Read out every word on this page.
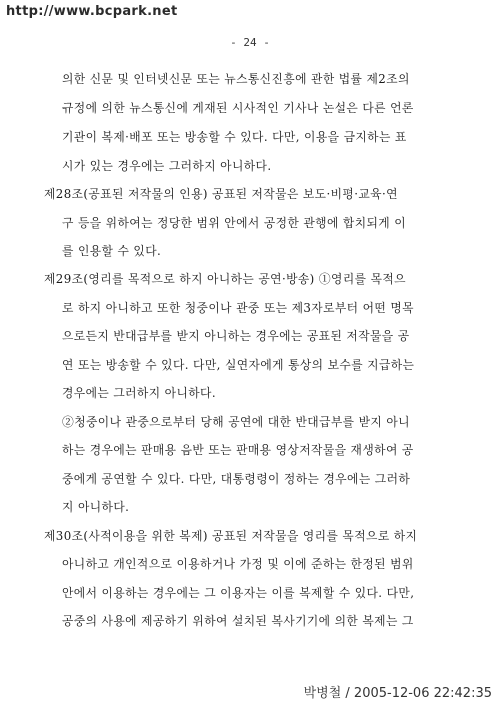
http://www.bcpark.net
- 24 -
의한 신문 및 인터넷신문 또는 뉴스통신진흥에 관한 법률 제2조의
규정에 의한 뉴스통신에 게재된 시사적인 기사나 논설은 다른 언론
기관이 복제·배포 또는 방송할 수 있다. 다만, 이용을 금지하는 표
시가 있는 경우에는 그러하지 아니하다.
제28조(공표된 저작물의 인용) 공표된 저작물은 보도·비평·교육·연
구 등을 위하여는 정당한 범위 안에서 공정한 관행에 합치되게 이
를 인용할 수 있다.
제29조(영리를 목적으로 하지 아니하는 공연·방송) ①영리를 목적으
로 하지 아니하고 또한 청중이나 관중 또는 제3자로부터 어떤 명목
으로든지 반대급부를 받지 아니하는 경우에는 공표된 저작물을 공
연 또는 방송할 수 있다. 다만, 실연자에게 통상의 보수를 지급하는
경우에는 그러하지 아니하다.
②청중이나 관중으로부터 당해 공연에 대한 반대급부를 받지 아니
하는 경우에는 판매용 음반 또는 판매용 영상저작물을 재생하여 공
중에게 공연할 수 있다. 다만, 대통령령이 정하는 경우에는 그러하
지 아니하다.
제30조(사적이용을 위한 복제) 공표된 저작물을 영리를 목적으로 하지
아니하고 개인적으로 이용하거나 가정 및 이에 준하는 한정된 범위
안에서 이용하는 경우에는 그 이용자는 이를 복제할 수 있다. 다만,
공중의 사용에 제공하기 위하여 설치된 복사기기에 의한 복제는 그
박병철 / 2005-12-06 22:42:35
